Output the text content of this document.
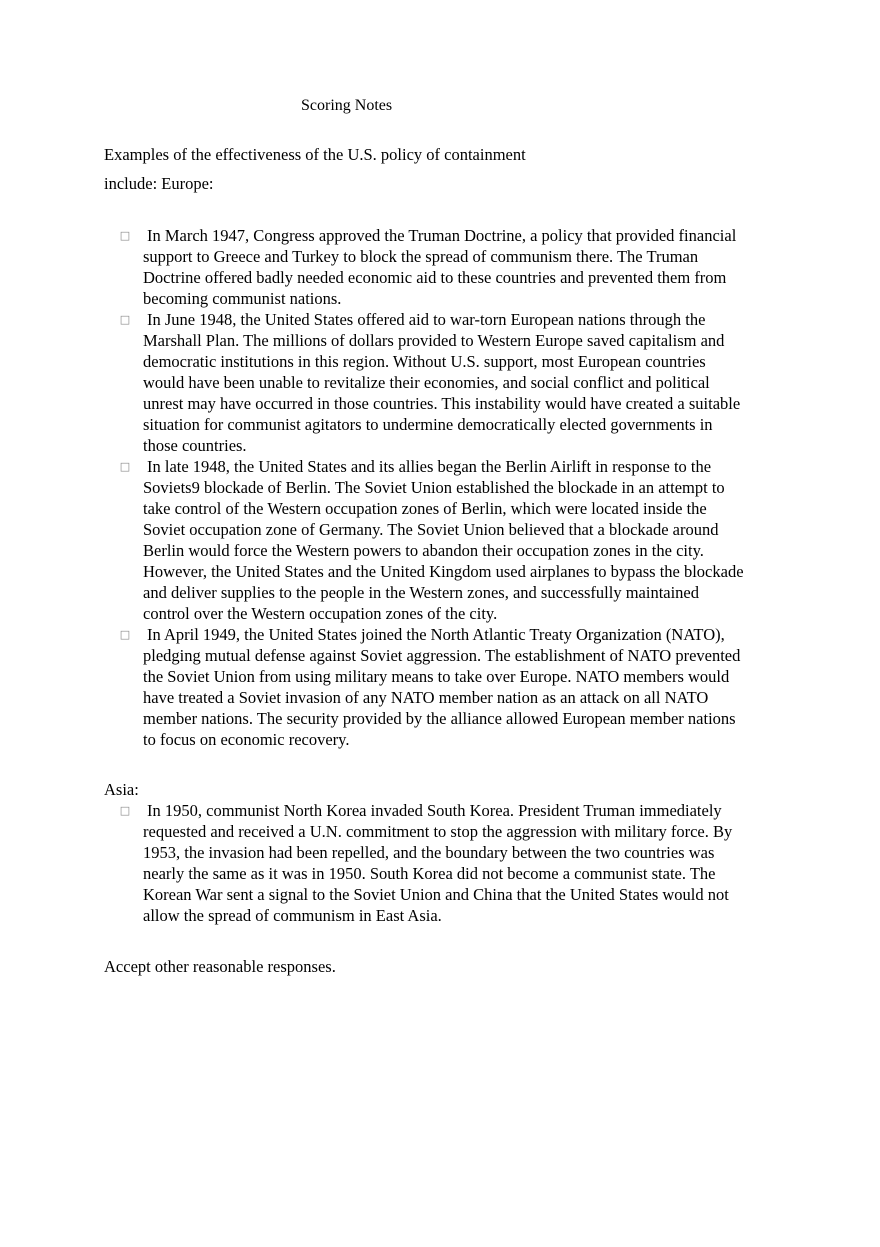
Scoring Notes
Examples of the effectiveness of the U.S. policy of containment
include: Europe:
□ In March 1947, Congress approved the Truman Doctrine, a policy that provided financial support to Greece and Turkey to block the spread of communism there. The Truman Doctrine offered badly needed economic aid to these countries and prevented them from becoming communist nations.
□ In June 1948, the United States offered aid to war-torn European nations through the Marshall Plan. The millions of dollars provided to Western Europe saved capitalism and democratic institutions in this region. Without U.S. support, most European countries would have been unable to revitalize their economies, and social conflict and political unrest may have occurred in those countries. This instability would have created a suitable situation for communist agitators to undermine democratically elected governments in those countries.
□ In late 1948, the United States and its allies began the Berlin Airlift in response to the Soviets9 blockade of Berlin. The Soviet Union established the blockade in an attempt to take control of the Western occupation zones of Berlin, which were located inside the Soviet occupation zone of Germany. The Soviet Union believed that a blockade around Berlin would force the Western powers to abandon their occupation zones in the city. However, the United States and the United Kingdom used airplanes to bypass the blockade and deliver supplies to the people in the Western zones, and successfully maintained control over the Western occupation zones of the city.
□ In April 1949, the United States joined the North Atlantic Treaty Organization (NATO), pledging mutual defense against Soviet aggression. The establishment of NATO prevented the Soviet Union from using military means to take over Europe. NATO members would have treated a Soviet invasion of any NATO member nation as an attack on all NATO member nations. The security provided by the alliance allowed European member nations to focus on economic recovery.
Asia:
□ In 1950, communist North Korea invaded South Korea. President Truman immediately requested and received a U.N. commitment to stop the aggression with military force. By 1953, the invasion had been repelled, and the boundary between the two countries was nearly the same as it was in 1950. South Korea did not become a communist state. The Korean War sent a signal to the Soviet Union and China that the United States would not allow the spread of communism in East Asia.
Accept other reasonable responses.
